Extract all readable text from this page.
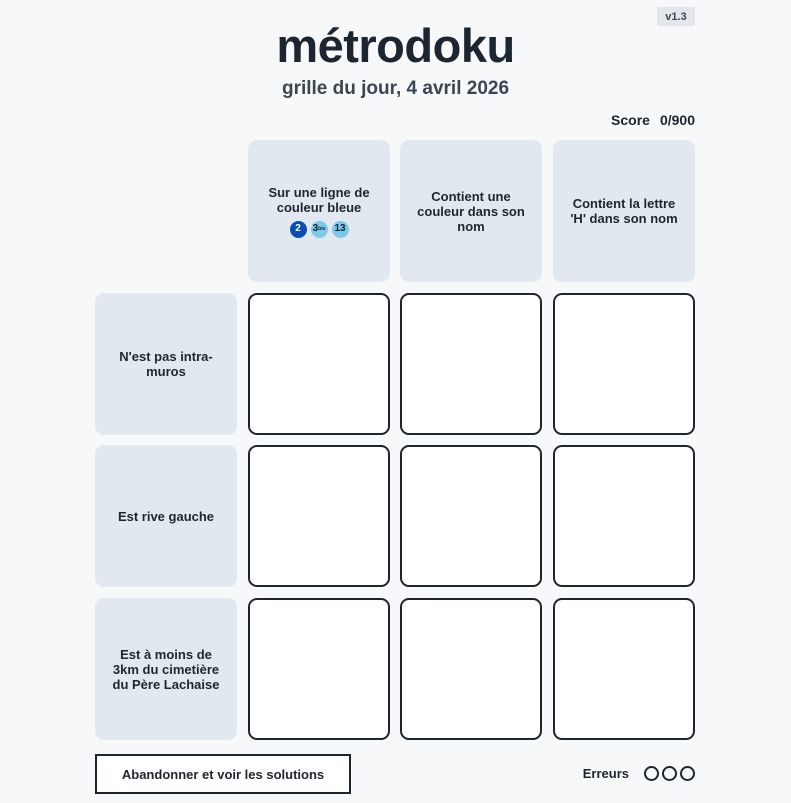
v1.3
métrodoku
grille du jour, 4 avril 2026
Score 0/900
Sur une ligne de couleur bleue
2 3 bis 13
Contient une couleur dans son nom
Contient la lettre 'H' dans son nom
N'est pas intra-muros
Est rive gauche
Est à moins de 3km du cimetière du Père Lachaise
Abandonner et voir les solutions	Erreurs
